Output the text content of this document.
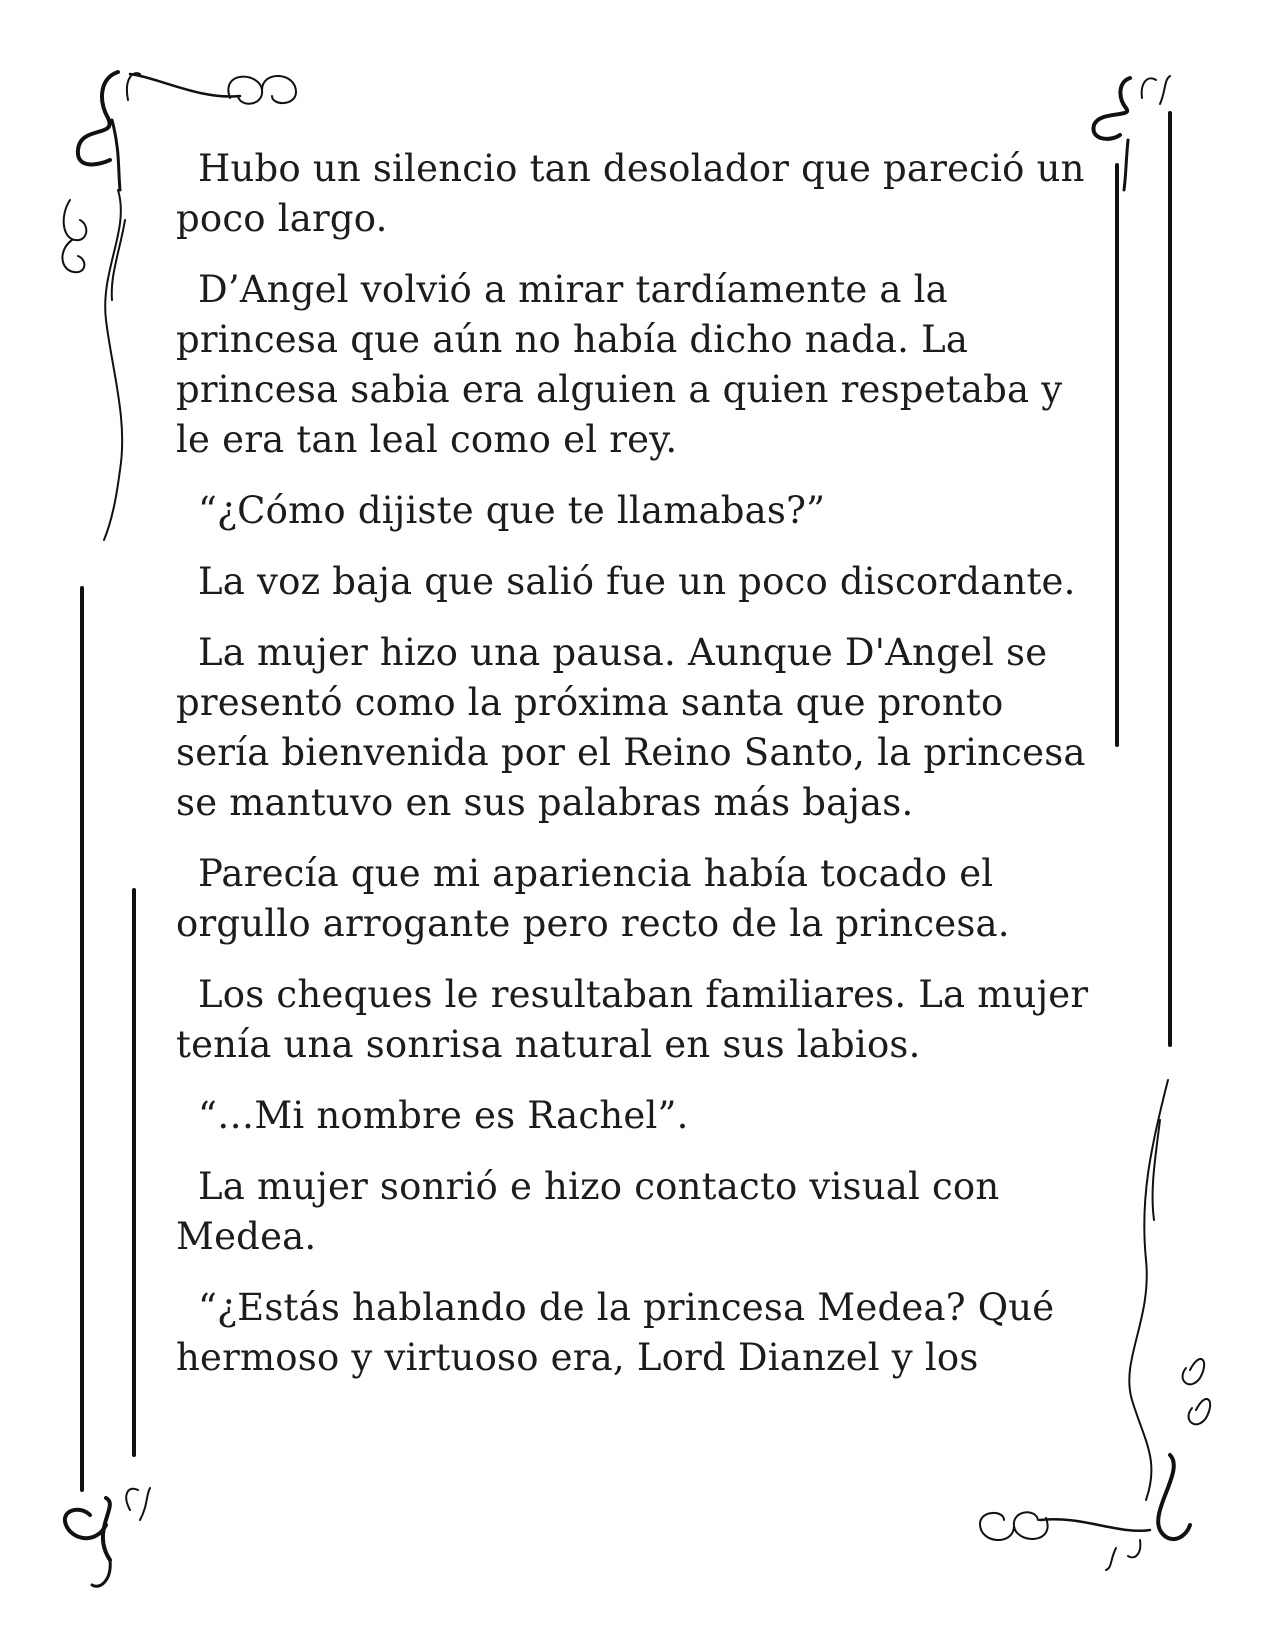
Hubo un silencio tan desolador que pareció un poco largo.

D’Angel volvió a mirar tardíamente a la princesa que aún no había dicho nada. La princesa sabia era alguien a quien respetaba y le era tan leal como el rey.

“¿Cómo dijiste que te llamabas?”

La voz baja que salió fue un poco discordante.

La mujer hizo una pausa. Aunque D'Angel se presentó como la próxima santa que pronto sería bienvenida por el Reino Santo, la princesa se mantuvo en sus palabras más bajas.

Parecía que mi apariencia había tocado el orgullo arrogante pero recto de la princesa.

Los cheques le resultaban familiares. La mujer tenía una sonrisa natural en sus labios.

“…Mi nombre es Rachel”.

La mujer sonrió e hizo contacto visual con Medea.

“¿Estás hablando de la princesa Medea? Qué hermoso y virtuoso era, Lord Dianzel y los
